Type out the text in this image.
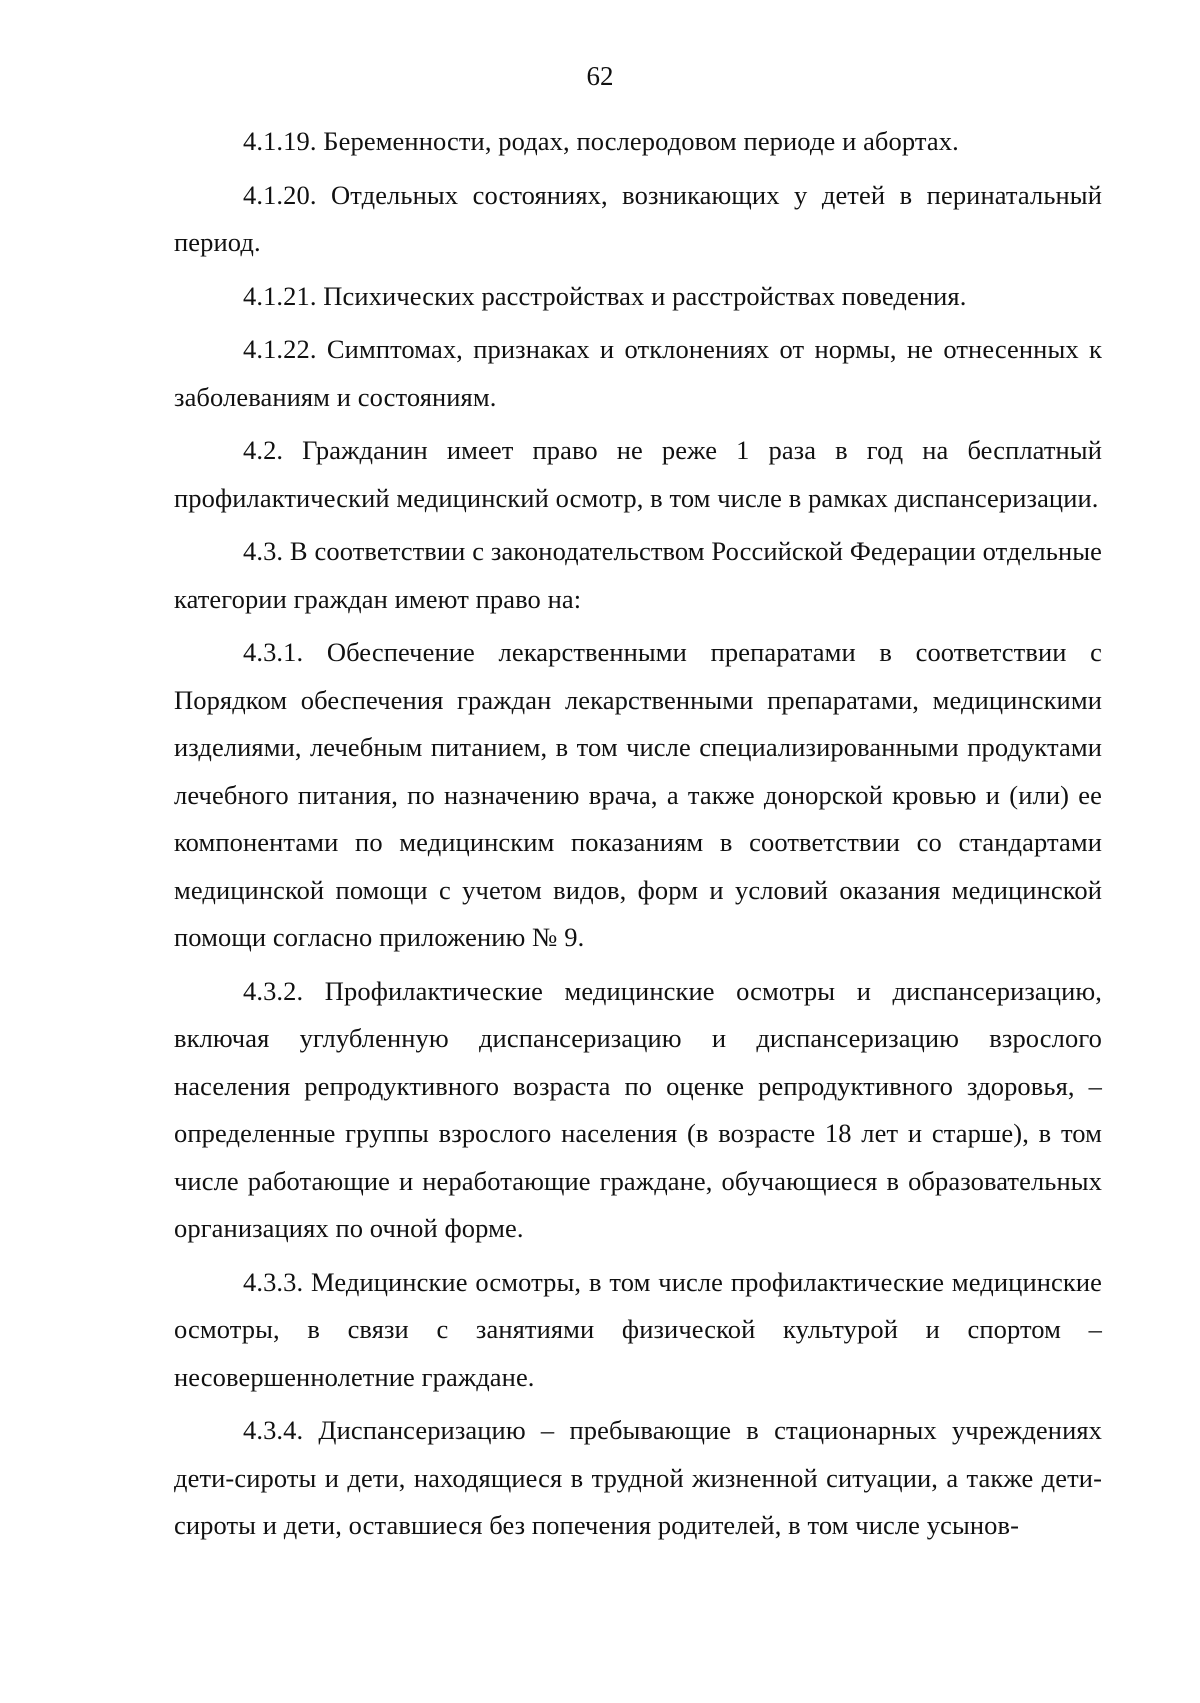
62

4.1.19. Беременности, родах, послеродовом периоде и абортах.

4.1.20. Отдельных состояниях, возникающих у детей в перинатальный период.

4.1.21. Психических расстройствах и расстройствах поведения.

4.1.22. Симптомах, признаках и отклонениях от нормы, не отнесенных к заболеваниям и состояниям.

4.2. Гражданин имеет право не реже 1 раза в год на бесплатный профилактический медицинский осмотр, в том числе в рамках диспансеризации.

4.3. В соответствии с законодательством Российской Федерации отдельные категории граждан имеют право на:

4.3.1. Обеспечение лекарственными препаратами в соответствии с Порядком обеспечения граждан лекарственными препаратами, медицинскими изделиями, лечебным питанием, в том числе специализированными продуктами лечебного питания, по назначению врача, а также донорской кровью и (или) ее компонентами по медицинским показаниям в соответствии со стандартами медицинской помощи с учетом видов, форм и условий оказания медицинской помощи согласно приложению № 9.

4.3.2. Профилактические медицинские осмотры и диспансеризацию, включая углубленную диспансеризацию и диспансеризацию взрослого населения репродуктивного возраста по оценке репродуктивного здоровья, – определенные группы взрослого населения (в возрасте 18 лет и старше), в том числе работающие и неработающие граждане, обучающиеся в образовательных организациях по очной форме.

4.3.3. Медицинские осмотры, в том числе профилактические медицинские осмотры, в связи с занятиями физической культурой и спортом – несовершеннолетние граждане.

4.3.4. Диспансеризацию – пребывающие в стационарных учреждениях дети-сироты и дети, находящиеся в трудной жизненной ситуации, а также дети-сироты и дети, оставшиеся без попечения родителей, в том числе усынов-
